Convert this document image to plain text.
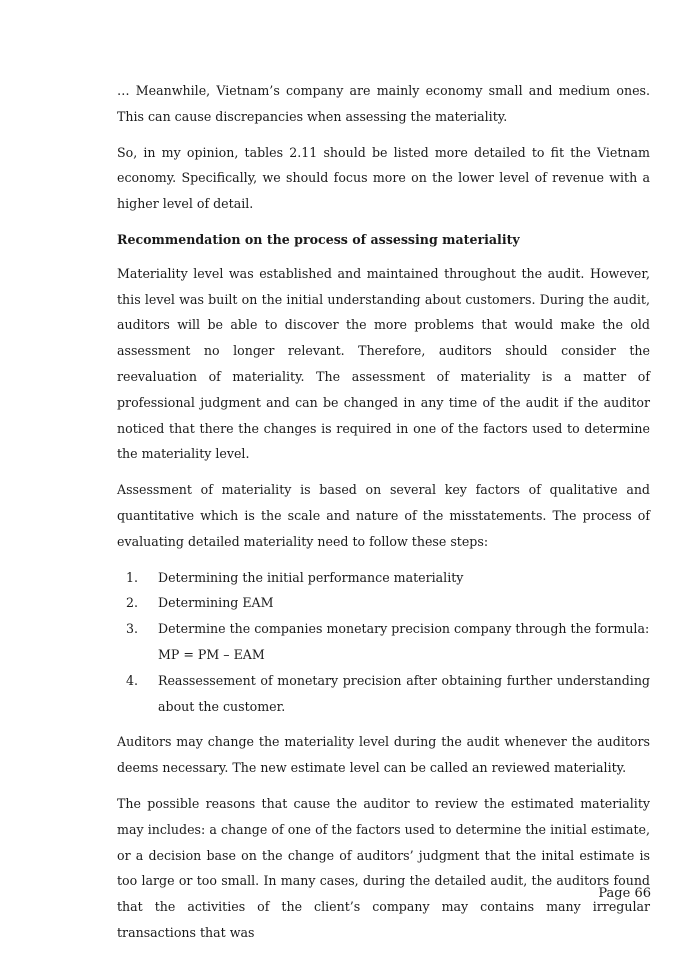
… Meanwhile, Vietnam’s company are mainly economy small and medium ones. This can cause discrepancies when assessing the materiality.

So, in my opinion, tables 2.11 should be listed more detailed to fit the Vietnam economy. Specifically, we should focus more on the lower level of revenue with a higher level of detail.

Recommendation on the process of assessing materiality

Materiality level was established and maintained throughout the audit. However, this level was built on the initial understanding about customers. During the audit, auditors will be able to discover the more problems that would make the old assessment no longer relevant. Therefore, auditors should consider the reevaluation of materiality. The assessment of materiality is a matter of professional judgment and can be changed in any time of the audit if the auditor noticed that there the changes is required in one of the factors used to determine the materiality level.

Assessment of materiality is based on several key factors of qualitative and quantitative which is the scale and nature of the misstatements. The process of evaluating detailed materiality need to follow these steps:

1. Determining the initial performance materiality
2. Determining EAM
3. Determine the companies monetary precision company through the formula:
MP = PM – EAM
4. Reassessement of monetary precision after obtaining further understanding about the customer.

Auditors may change the materiality level during the audit whenever the auditors deems necessary. The new estimate level can be called an reviewed materiality.

The possible reasons that cause the auditor to review the estimated materiality may includes: a change of one of the factors used to determine the initial estimate, or a decision base on the change of auditors’ judgment that the inital estimate is too large or too small. In many cases, during the detailed audit, the auditors found that the activities of the client’s company may contains many irregular transactions that was

Page 66
